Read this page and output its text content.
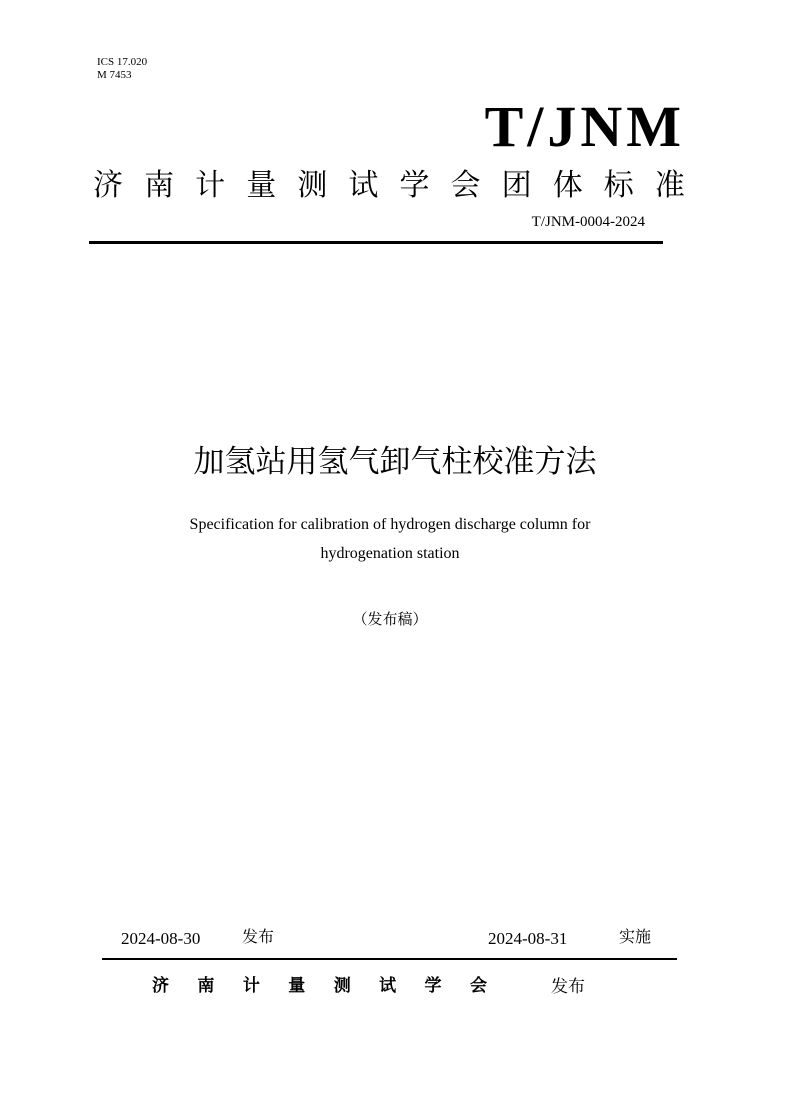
ICS 17.020
M 7453
T/JNM
济 南 计 量 测 试 学 会 团 体 标 准
T/JNM-0004-2024
加氢站用氢气卸气柱校准方法
Specification for calibration of hydrogen discharge column for
hydrogenation station
（发布稿）
2024-08-30	发布	2024-08-31	实施
济 南 计 量 测 试 学 会	发布
